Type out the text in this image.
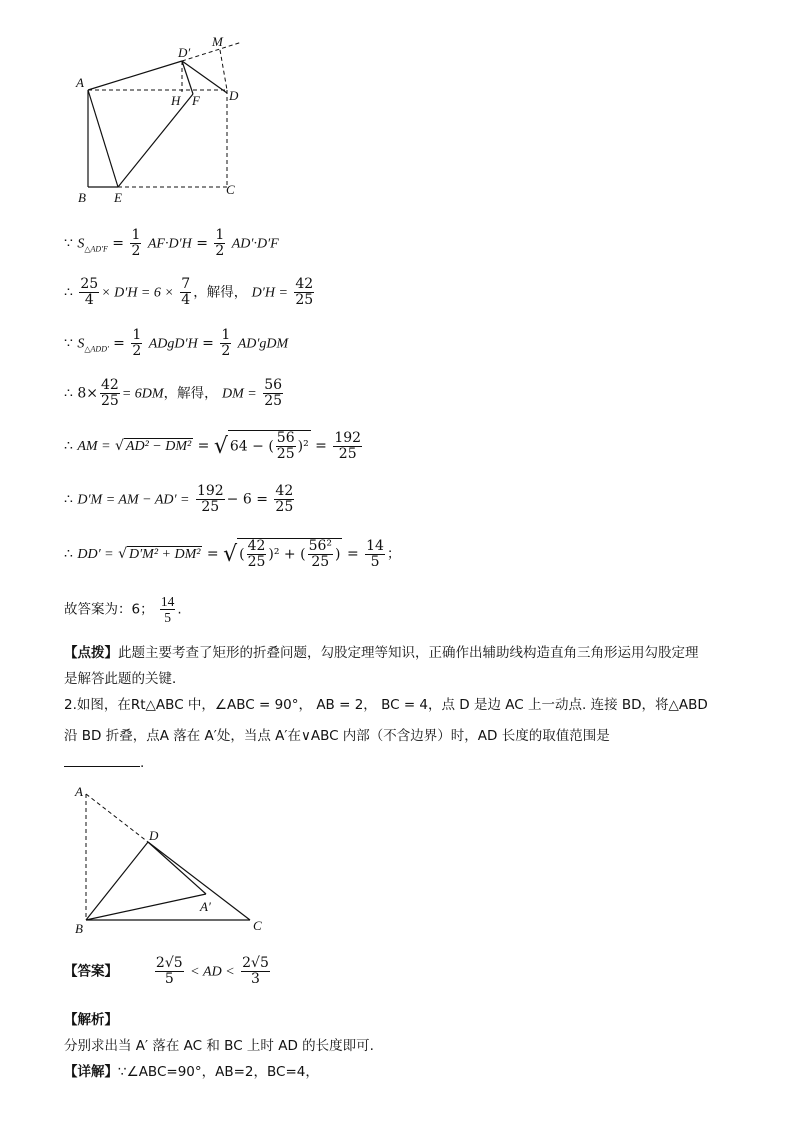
A
B
C
D
E
F
H
D′
M
∵ $S_{\triangle AD'F} = \frac{1}{2} AF\cdot D'H = \frac{1}{2} AD'\cdot D'F$
∴ $\frac{25}{4} \times D'H = 6 \times \frac{7}{4}$ ，解得， $D'H = \frac{42}{25}$
∵ $S_{\triangle ADD'} = \frac{1}{2}$ ADgD′H = $\frac{1}{2} AD'gDM$
∴ $8\times \frac{42}{25} = 6DM$，解得， DM = $\frac{56}{25}$
∴ AM = √ AD² − DM² = √ 64 − ( $\frac{56}{25} )^2 = \frac{192}{25}$
∴ D′M = AM − $AD' = \frac{192}{25} - 6 = \frac{42}{25}$
∴ DD′ = √ D′M² + DM² = √ ( $\frac{42}{25} )^2$ + ( $\frac{\text{56²}}{25}$ ) = $\frac{14}{5}$ ；
故答案为：6； $\frac{14}{5}$ .
【点拨】此题主要考查了矩形的折叠问题，勾股定理等知识，正确作出辅助线构造直角三角形运用勾股定理
是解答此题的关键．
2.如图，在Rt△ABC 中，∠ABC = 90°， AB = 2， BC = 4，点 D 是边 AC 上一动点. 连接 BD，将△ABD
沿 BD 折叠，点A 落在 A′处，当点 A′在∨ABC 内部（不含边界）时，AD 长度的取值范围是
.
A
B	C
D
A′
【答案】	$\frac{2√5}{5}$ < AD < $\frac{2√5}{3}$
【解析】
分别求出当 A′ 落在 AC 和 BC 上时 AD 的长度即可.
【详解】∵∠ABC=90°，AB=2，BC=4，
